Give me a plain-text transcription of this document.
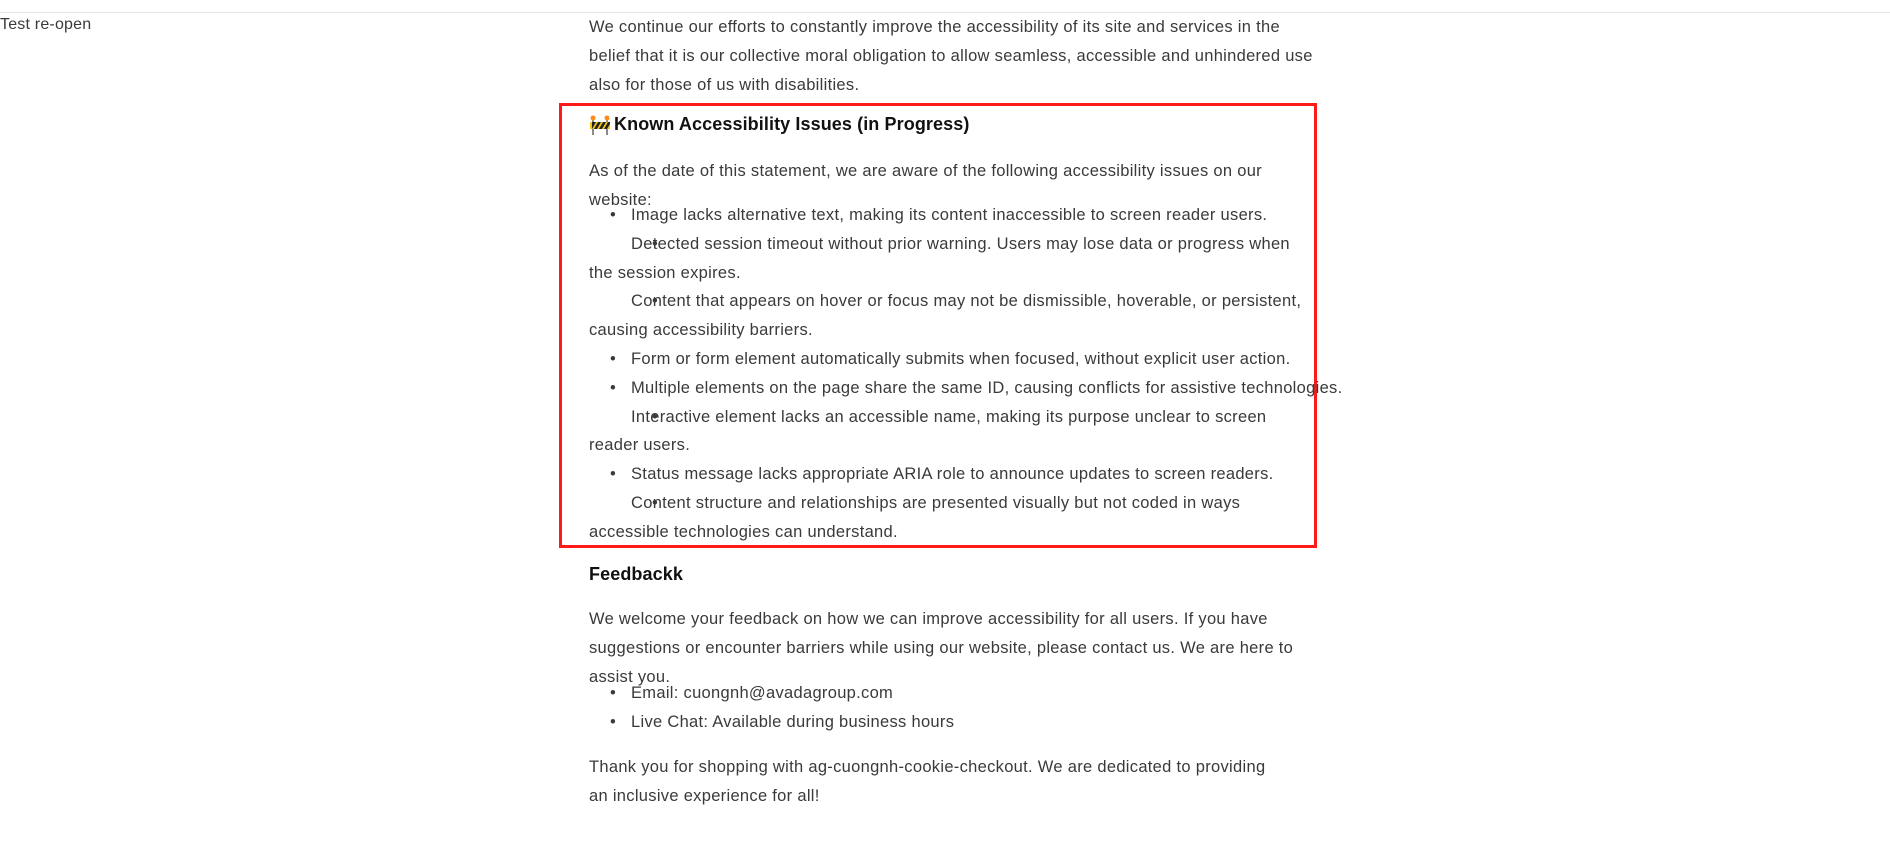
Test re-open	We continue our efforts to constantly improve the accessibility of its site and services in the belief that it is our collective moral obligation to allow seamless, accessible and unhindered use also for those of us with disabilities.

Known Accessibility Issues (in Progress)

As of the date of this statement, we are aware of the following accessibility issues on our website:

• Image lacks alternative text, making its content inaccessible to screen reader users.
• Detected session timeout without prior warning. Users may lose data or progress when the session expires.
• Content that appears on hover or focus may not be dismissible, hoverable, or persistent, causing accessibility barriers.
• Form or form element automatically submits when focused, without explicit user action.
• Multiple elements on the page share the same ID, causing conflicts for assistive technologies.
• Interactive element lacks an accessible name, making its purpose unclear to screen reader users.
• Status message lacks appropriate ARIA role to announce updates to screen readers.
• Content structure and relationships are presented visually but not coded in ways accessible technologies can understand.
Feedbackk

We welcome your feedback on how we can improve accessibility for all users. If you have suggestions or encounter barriers while using our website, please contact us. We are here to assist you.

• Email: cuongnh@avadagroup.com
• Live Chat: Available during business hours

Thank you for shopping with ag-cuongnh-cookie-checkout. We are dedicated to providing an inclusive experience for all!
